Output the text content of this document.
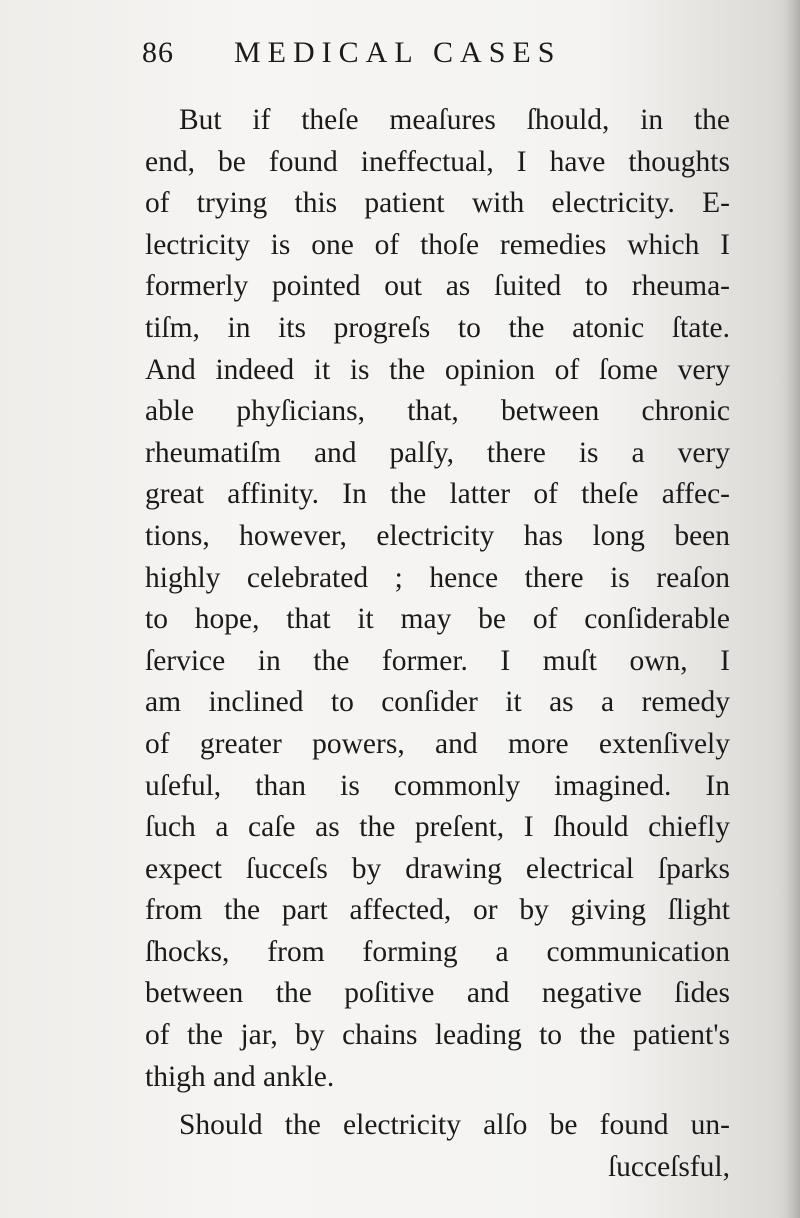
86 MEDICAL CASES
But if theſe meaſures ſhould, in the
end, be found ineffectual, I have thoughts
of trying this patient with electricity. E-
lectricity is one of thoſe remedies which I
formerly pointed out as ſuited to rheuma-
tiſm, in its progreſs to the atonic ſtate.
And indeed it is the opinion of ſome very
able phyſicians, that, between chronic
rheumatiſm and palſy, there is a very
great affinity. In the latter of theſe affec-
tions, however, electricity has long been
highly celebrated ; hence there is reaſon
to hope, that it may be of conſiderable
ſervice in the former. I muſt own, I
am inclined to conſider it as a remedy
of greater powers, and more extenſively
uſeful, than is commonly imagined. In
ſuch a caſe as the preſent, I ſhould chiefly
expect ſucceſs by drawing electrical ſparks
from the part affected, or by giving ſlight
ſhocks, from forming a communication
between the poſitive and negative ſides
of the jar, by chains leading to the patient's
thigh and ankle.
Should the electricity alſo be found un-
ſucceſsful,
